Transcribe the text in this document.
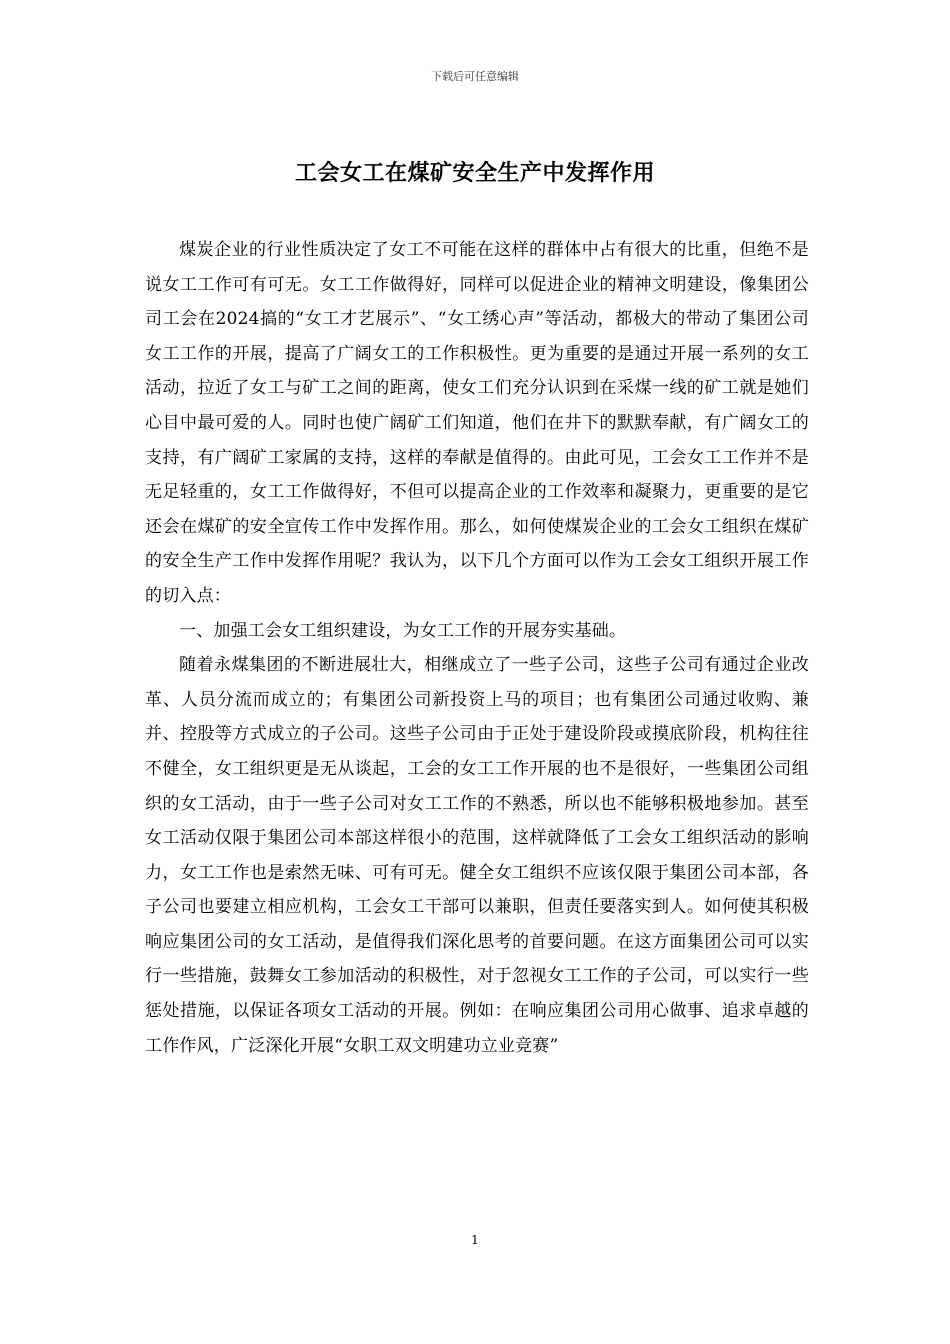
下载后可任意编辑
工会女工在煤矿安全生产中发挥作用

煤炭企业的行业性质决定了女工不可能在这样的群体中占有很大的比重，但绝不是说女工工作可有可无。女工工作做得好，同样可以促进企业的精神文明建设，像集团公司工会在2024搞的“女工才艺展示”、“女工绣心声”等活动，都极大的带动了集团公司女工工作的开展，提高了广阔女工的工作积极性。更为重要的是通过开展一系列的女工活动，拉近了女工与矿工之间的距离，使女工们充分认识到在采煤一线的矿工就是她们心目中最可爱的人。同时也使广阔矿工们知道，他们在井下的默默奉献，有广阔女工的支持，有广阔矿工家属的支持，这样的奉献是值得的。由此可见，工会女工工作并不是无足轻重的，女工工作做得好，不但可以提高企业的工作效率和凝聚力，更重要的是它还会在煤矿的安全宣传工作中发挥作用。那么，如何使煤炭企业的工会女工组织在煤矿的安全生产工作中发挥作用呢？我认为，以下几个方面可以作为工会女工组织开展工作的切入点：

一、加强工会女工组织建设，为女工工作的开展夯实基础。

随着永煤集团的不断进展壮大，相继成立了一些子公司，这些子公司有通过企业改革、人员分流而成立的；有集团公司新投资上马的项目；也有集团公司通过收购、兼并、控股等方式成立的子公司。这些子公司由于正处于建设阶段或摸底阶段，机构往往不健全，女工组织更是无从谈起，工会的女工工作开展的也不是很好，一些集团公司组织的女工活动，由于一些子公司对女工工作的不熟悉，所以也不能够积极地参加。甚至女工活动仅限于集团公司本部这样很小的范围，这样就降低了工会女工组织活动的影响力，女工工作也是索然无味、可有可无。健全女工组织不应该仅限于集团公司本部，各子公司也要建立相应机构，工会女工干部可以兼职，但责任要落实到人。如何使其积极响应集团公司的女工活动，是值得我们深化思考的首要问题。在这方面集团公司可以实行一些措施，鼓舞女工参加活动的积极性，对于忽视女工工作的子公司，可以实行一些惩处措施，以保证各项女工活动的开展。例如：在响应集团公司用心做事、追求卓越的工作作风，广泛深化开展“女职工双文明建功立业竞赛”

1
